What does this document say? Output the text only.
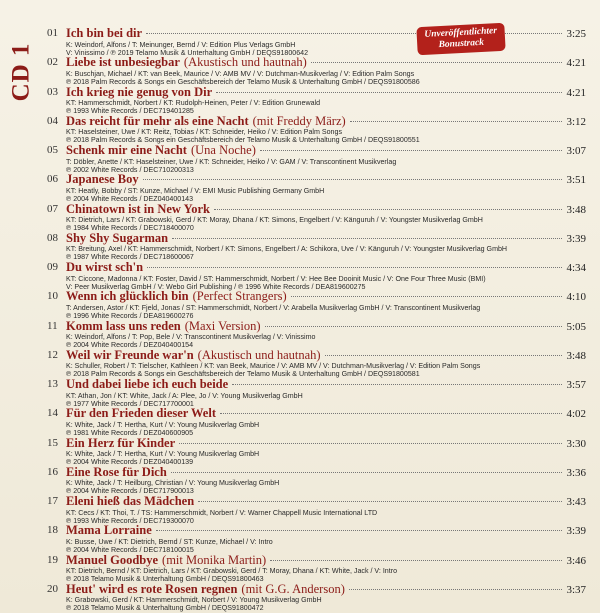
CD 1
01 Ich bin bei dir	3:25
K: Weindorf, Alfons / T: Meinunger, Bernd / V: Edition Plus Verlags GmbH
V: Vinissimo / ℗ 2019 Telamo Musik & Unterhaltung GmbH / DEQS91800642
02 Liebe ist unbesiegbar (Akustisch und hautnah)	4:21
K: Buschjan, Michael / KT: van Beek, Maurice / V: AMB MV / V: Dutchman-Musikverlag / V: Edition Palm Songs
℗ 2018 Palm Records & Songs ein Geschäftsbereich der Telamo Musik & Unterhaltung GmbH / DEQS91800586
03 Ich krieg nie genug von Dir	4:21
KT: Hammerschmidt, Norbert / KT: Rudolph-Heinen, Peter / V: Edition Grunewald
℗ 1993 White Records / DEC719401285
04 Das reicht für mehr als eine Nacht (mit Freddy März)	3:12
KT: Haselsteiner, Uwe / KT: Reitz, Tobias / KT: Schneider, Heiko / V: Edition Palm Songs
℗ 2018 Palm Records & Songs ein Geschäftsbereich der Telamo Musik & Unterhaltung GmbH / DEQS91800551
05 Schenk mir eine Nacht (Una Noche)	3:07
T: Döbler, Anette / KT: Haselsteiner, Uwe / KT: Schneider, Heiko / V: GAM / V: Transcontinent Musikverlag
℗ 2002 White Records / DEC710200313
06 Japanese Boy	3:51
KT: Heatly, Bobby / ST: Kunze, Michael / V: EMI Music Publishing Germany GmbH
℗ 2004 White Records / DEZ040400143
07 Chinatown ist in New York	3:48
KT: Dietrich, Lars / KT: Grabowski, Gerd / KT: Moray, Dhana / KT: Simons, Engelbert / V: Känguruh / V: Youngster Musikverlag GmbH
℗ 1984 White Records / DEC718400070
08 Shy Shy Sugarman	3:39
KT: Breitung, Axel / KT: Hammerschmidt, Norbert / KT: Simons, Engelbert / A: Schikora, Uve / V: Känguruh / V: Youngster Musikverlag GmbH
℗ 1987 White Records / DEC718600067
09 Du wirst sch'n	4:34
KT: Ciccone, Madonna / KT: Foster, David / ST: Hammerschmidt, Norbert / V: Hee Bee Dooinit Music / V: One Four Three Music (BMI)
V: Peer Musikverlag GmbH / V: Webo Girl Publishing / ℗ 1996 White Records / DEA819600275
10 Wenn ich glücklich bin (Perfect Strangers)	4:10
T: Andersen, Astor / KT: Fjeld, Jonas / ST: Hammerschmidt, Norbert / V: Arabella Musikverlag GmbH / V: Transcontinent Musikverlag
℗ 1996 White Records / DEA819600276
11 Komm lass uns reden (Maxi Version)	5:05
K: Weindorf, Alfons / T: Pop, Bele / V: Transcontinent Musikverlag / V: Vinissimo
℗ 2004 White Records / DEZ040400154
12 Weil wir Freunde war'n (Akustisch und hautnah)	3:48
K: Schuller, Robert / T: Tielscher, Kathleen / KT: van Beek, Maurice / V: AMB MV / V: Dutchman-Musikverlag / V: Edition Palm Songs
℗ 2018 Palm Records & Songs ein Geschäftsbereich der Telamo Musik & Unterhaltung GmbH / DEQS91800581
13 Und dabei liebe ich euch beide	3:57
KT: Athan, Jon / KT: White, Jack / A: Plee, Jo / V: Young Musikverlag GmbH
℗ 1977 White Records / DEC717700001
14 Für den Frieden dieser Welt	4:02
K: White, Jack / T: Hertha, Kurt / V: Young Musikverlag GmbH
℗ 1981 White Records / DEZ040600905
15 Ein Herz für Kinder	3:30
K: White, Jack / T: Hertha, Kurt / V: Young Musikverlag GmbH
℗ 2004 White Records / DEZ040400139
16 Eine Rose für Dich	3:36
K: White, Jack / T: Heilburg, Christian / V: Young Musikverlag GmbH
℗ 2004 White Records / DEC717900013
17 Eleni hieß das Mädchen	3:43
KT: Cecs / KT: Thoi, T. / TS: Hammerschmidt, Norbert / V: Warner Chappell Music International LTD
℗ 1993 White Records / DEC719300070
18 Mama Lorraine	3:39
K: Busse, Uwe / KT: Dietrich, Bernd / ST: Kunze, Michael / V: Intro
℗ 2004 White Records / DEC718100015
19 Manuel Goodbye (mit Monika Martin)	3:46
KT: Dietrich, Bernd / KT: Dietrich, Lars / KT: Grabowski, Gerd / T: Moray, Dhana / KT: White, Jack / V: Intro
℗ 2018 Telamo Musik & Unterhaltung GmbH / DEQS91800463
20 Heut' wird es rote Rosen regnen (mit G.G. Anderson)	3:37
K: Grabowski, Gerd / KT: Hammerschmidt, Norbert / V: Young Musikverlag GmbH
℗ 2018 Telamo Musik & Unterhaltung GmbH / DEQS91800472
Unveröffentlichter
Bonustrack
